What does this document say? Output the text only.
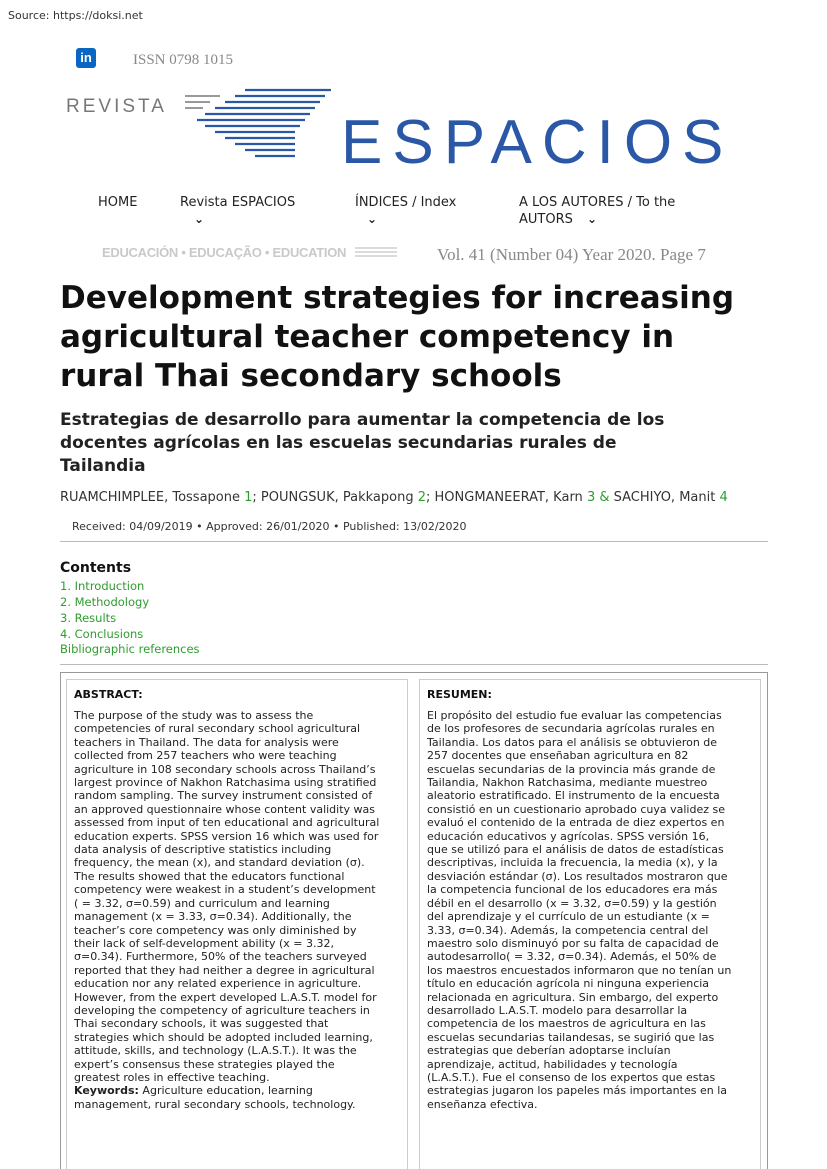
Source: https://doksi.net
in	ISSN 0798 1015
REVISTA
ESPACIOS
HOME	Revista ESPACIOS
⌄
ÍNDICES / Index
⌄
A LOS AUTORES / To the
AUTORS ⌄
EDUCACIÓN • EDUCAÇÃO • EDUCATION	Vol. 41 (Number 04) Year 2020. Page 7
Development strategies for increasing
agricultural teacher competency in
rural Thai secondary schools
Estrategias de desarrollo para aumentar la competencia de los
docentes agrícolas en las escuelas secundarias rurales de
Tailandia
RUAMCHIMPLEE, Tossapone 1; POUNGSUK, Pakkapong 2; HONGMANEERAT, Karn 3 & SACHIYO, Manit 4
Received: 04/09/2019 • Approved: 26/01/2020 • Published: 13/02/2020
Contents
1. Introduction
2. Methodology
3. Results
4. Conclusions
Bibliographic references
ABSTRACT:
The purpose of the study was to assess the
competencies of rural secondary school agricultural
teachers in Thailand. The data for analysis were
collected from 257 teachers who were teaching
agriculture in 108 secondary schools across Thailand’s
largest province of Nakhon Ratchasima using stratified
random sampling. The survey instrument consisted of
an approved questionnaire whose content validity was
assessed from input of ten educational and agricultural
education experts. SPSS version 16 which was used for
data analysis of descriptive statistics including
frequency, the mean (x), and standard deviation (σ).
The results showed that the educators functional
competency were weakest in a student’s development
( = 3.32, σ=0.59) and curriculum and learning
management (x = 3.33, σ=0.34). Additionally, the
teacher’s core competency was only diminished by
their lack of self-development ability (x = 3.32,
σ=0.34). Furthermore, 50% of the teachers surveyed
reported that they had neither a degree in agricultural
education nor any related experience in agriculture.
However, from the expert developed L.A.S.T. model for
developing the competency of agriculture teachers in
Thai secondary schools, it was suggested that
strategies which should be adopted included learning,
attitude, skills, and technology (L.A.S.T.). It was the
expert’s consensus these strategies played the
greatest roles in effective teaching.
Keywords: Agriculture education, learning
management, rural secondary schools, technology.
RESUMEN:
El propósito del estudio fue evaluar las competencias
de los profesores de secundaria agrícolas rurales en
Tailandia. Los datos para el análisis se obtuvieron de
257 docentes que enseñaban agricultura en 82
escuelas secundarias de la provincia más grande de
Tailandia, Nakhon Ratchasima, mediante muestreo
aleatorio estratificado. El instrumento de la encuesta
consistió en un cuestionario aprobado cuya validez se
evaluó el contenido de la entrada de diez expertos en
educación educativos y agrícolas. SPSS versión 16,
que se utilizó para el análisis de datos de estadísticas
descriptivas, incluida la frecuencia, la media (x), y la
desviación estándar (σ). Los resultados mostraron que
la competencia funcional de los educadores era más
débil en el desarrollo (x = 3.32, σ=0.59) y la gestión
del aprendizaje y el currículo de un estudiante (x =
3.33, σ=0.34). Además, la competencia central del
maestro solo disminuyó por su falta de capacidad de
autodesarrollo( = 3.32, σ=0.34). Además, el 50% de
los maestros encuestados informaron que no tenían un
título en educación agrícola ni ninguna experiencia
relacionada en agricultura. Sin embargo, del experto
desarrollado L.A.S.T. modelo para desarrollar la
competencia de los maestros de agricultura en las
escuelas secundarias tailandesas, se sugirió que las
estrategias que deberían adoptarse incluían
aprendizaje, actitud, habilidades y tecnología
(L.A.S.T.). Fue el consenso de los expertos que estas
estrategias jugaron los papeles más importantes en la
enseñanza efectiva.
